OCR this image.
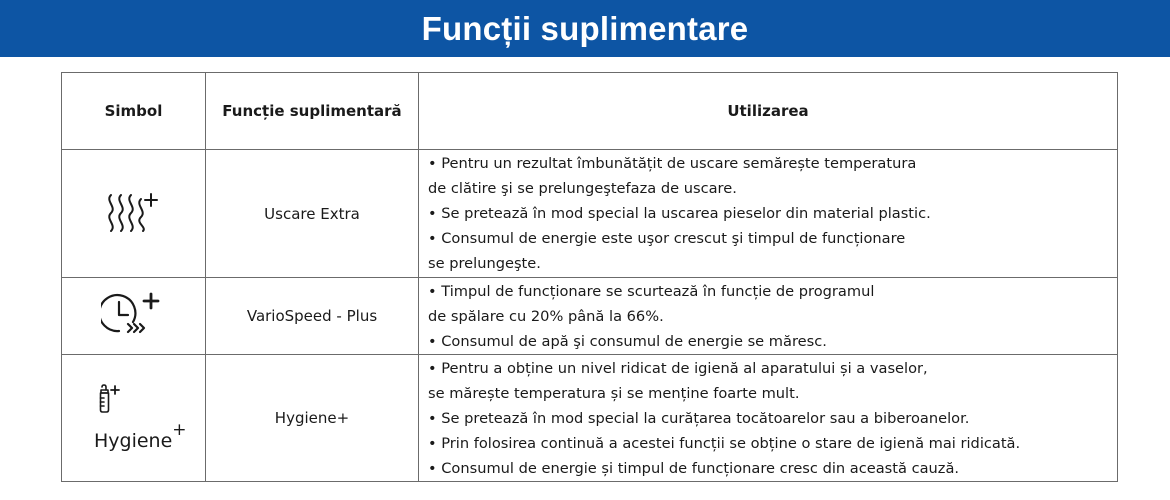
Funcții suplimentare
Simbol	Funcție suplimentară	Utilizarea
	Uscare Extra	• Pentru un rezultat îmbunătățit de uscare semărește temperatura
de clătire şi se prelungeştefaza de uscare.
• Se pretează în mod special la uscarea pieselor din material plastic.
• Consumul de energie este uşor crescut şi timpul de funcționare
se prelungeşte.

	VarioSpeed - Plus	• Timpul de funcționare se scurtează în funcție de programul
de spălare cu 20% până la 66%.
• Consumul de apă şi consumul de energie se măresc.

Hygiene+	Hygiene+	• Pentru a obține un nivel ridicat de igienă al aparatului și a vaselor,
se mărește temperatura și se menține foarte mult.
• Se pretează în mod special la curățarea tocătoarelor sau a biberoanelor.
• Prin folosirea continuă a acestei funcții se obține o stare de igienă mai ridicată.
• Consumul de energie și timpul de funcționare cresc din această cauză.
